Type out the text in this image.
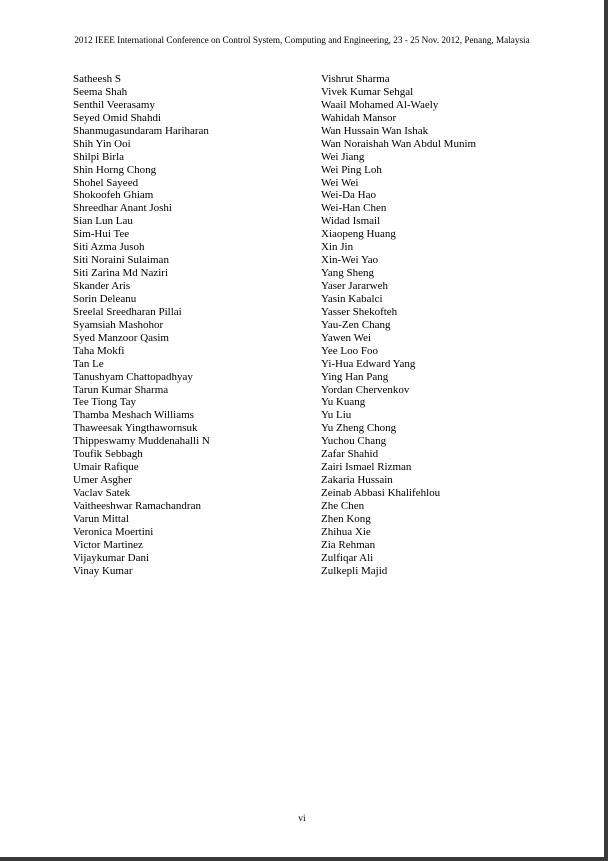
2012 IEEE International Conference on Control System, Computing and Engineering, 23 - 25 Nov. 2012, Penang, Malaysia
Satheesh S
Seema Shah
Senthil Veerasamy
Seyed Omid Shahdi
Shanmugasundaram Hariharan
Shih Yin Ooi
Shilpi Birla
Shin Horng Chong
Shohel Sayeed
Shokoofeh Ghiam
Shreedhar Anant Joshi
Sian Lun Lau
Sim-Hui Tee
Siti Azma Jusoh
Siti Noraini Sulaiman
Siti Zarina Md Naziri
Skander Aris
Sorin Deleanu
Sreelal Sreedharan Pillai
Syamsiah Mashohor
Syed Manzoor Qasim
Taha Mokfi
Tan Le
Tanushyam Chattopadhyay
Tarun Kumar Sharma
Tee Tiong Tay
Thamba Meshach Williams
Thaweesak Yingthawornsuk
Thippeswamy Muddenahalli N
Toufik Sebbagh
Umair Rafique
Umer Asgher
Vaclav Satek
Vaitheeshwar Ramachandran
Varun Mittal
Veronica Moertini
Victor Martinez
Vijaykumar Dani
Vinay Kumar
Vishrut Sharma
Vivek Kumar Sehgal
Waail Mohamed Al-Waely
Wahidah Mansor
Wan Hussain Wan Ishak
Wan Noraishah Wan Abdul Munim
Wei Jiang
Wei Ping Loh
Wei Wei
Wei-Da Hao
Wei-Han Chen
Widad Ismail
Xiaopeng Huang
Xin Jin
Xin-Wei Yao
Yang Sheng
Yaser Jararweh
Yasin Kabalci
Yasser Shekofteh
Yau-Zen Chang
Yawen Wei
Yee Loo Foo
Yi-Hua Edward Yang
Ying Han Pang
Yordan Chervenkov
Yu Kuang
Yu Liu
Yu Zheng Chong
Yuchou Chang
Zafar Shahid
Zairi Ismael Rizman
Zakaria Hussain
Zeinab Abbasi Khalifehlou
Zhe Chen
Zhen Kong
Zhihua Xie
Zia Rehman
Zulfiqar Ali
Zulkepli Majid
vi
